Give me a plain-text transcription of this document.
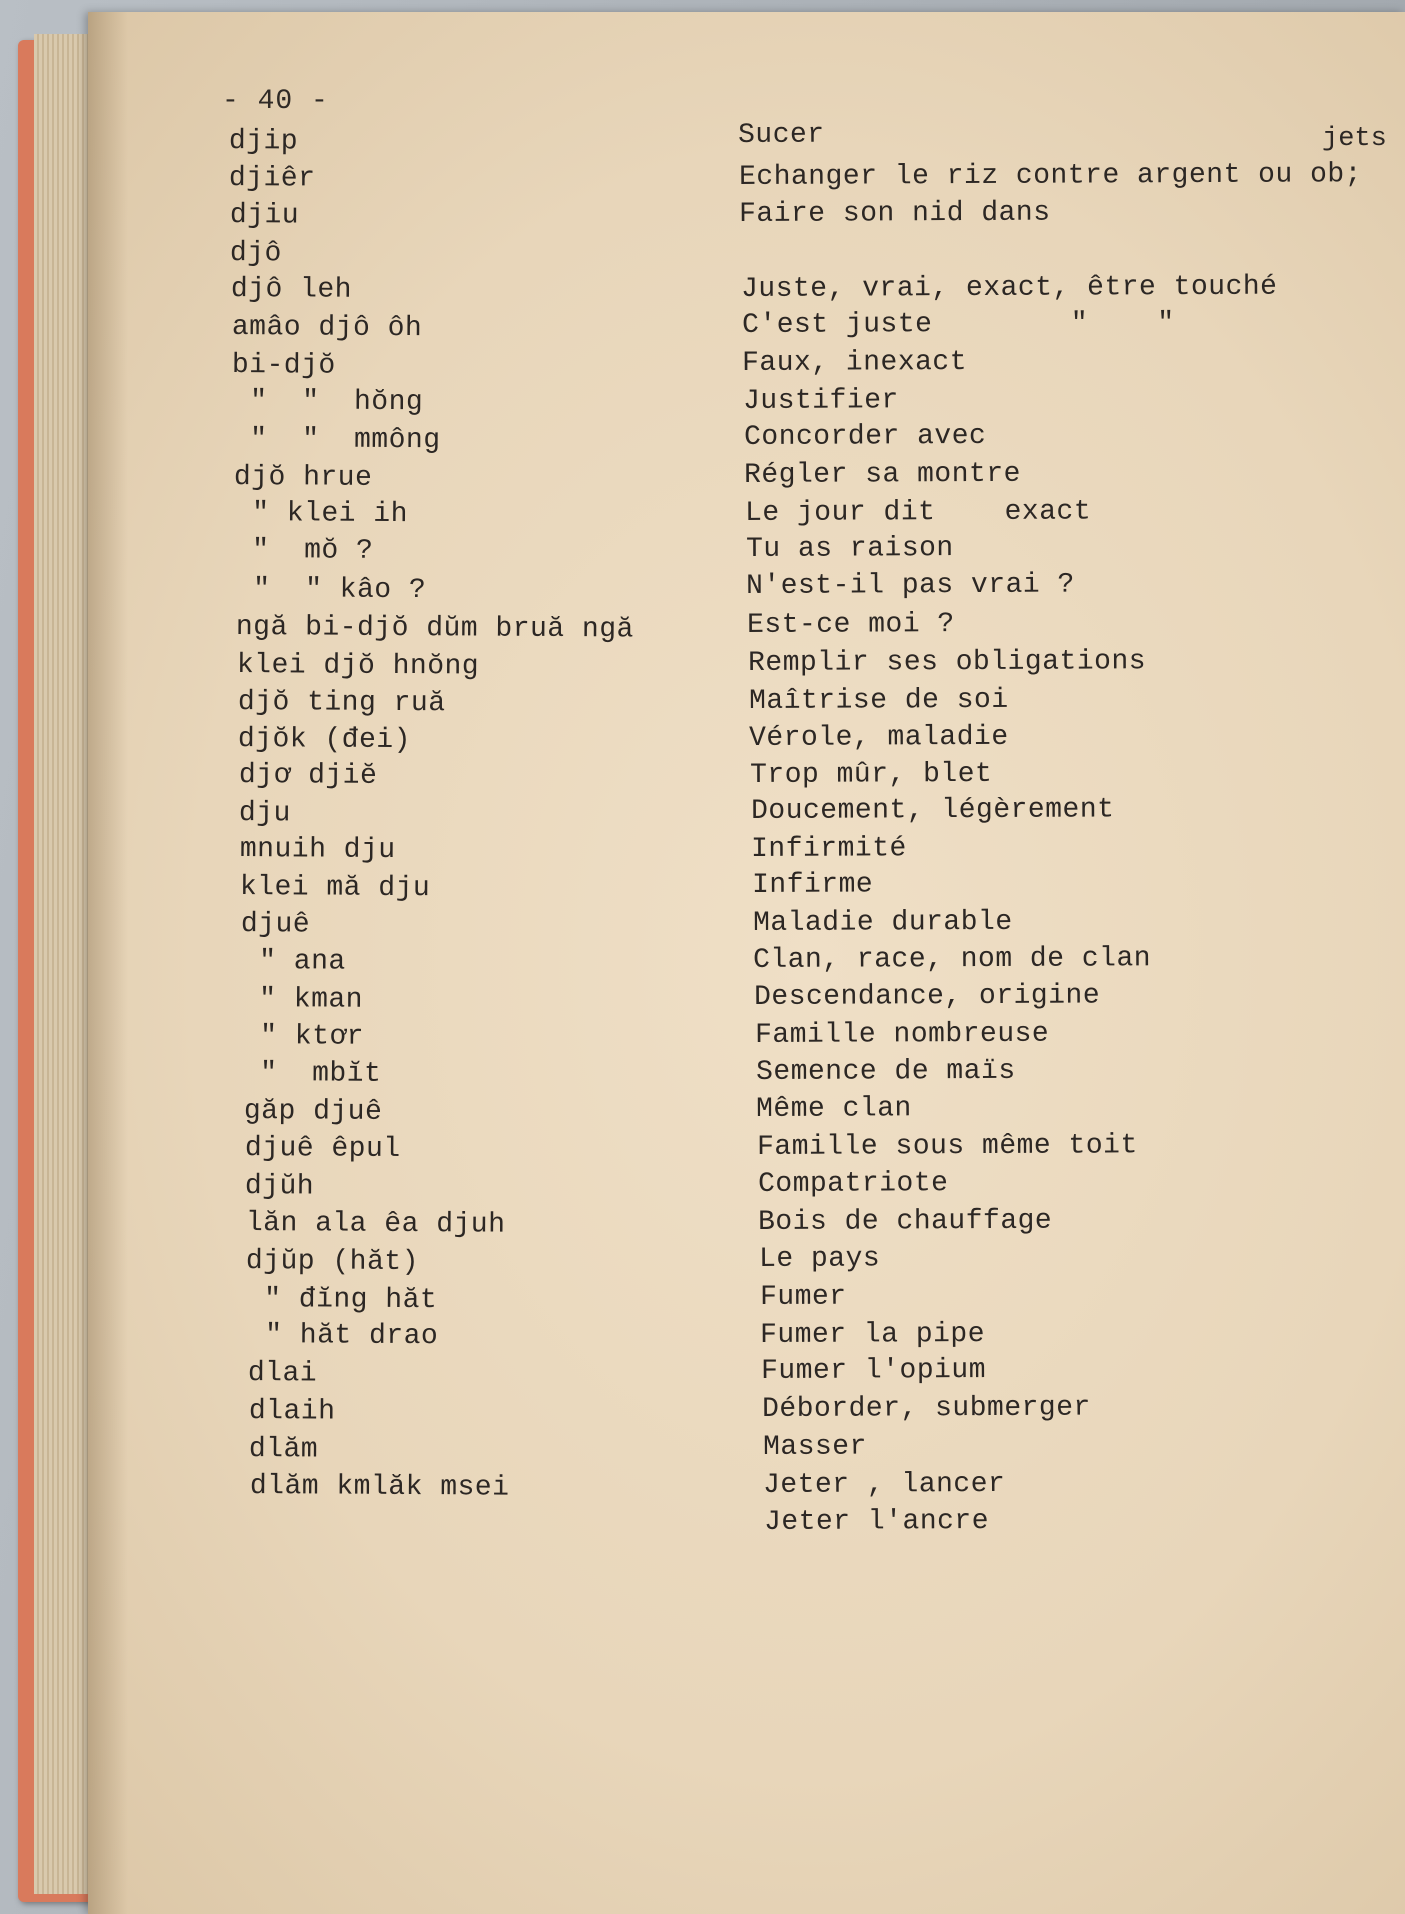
- 40 -
jets
Sucer
djip
Echanger le riz contre argent ou ob;
djiêr
Faire son nid dans
djiu
djô
Juste, vrai, exact, être touché
djô leh
C'est juste        "    "
amâo djô ôh
Faux, inexact
bi-djŏ
Justifier
"  "  hŏng
Concorder avec
"  "  mmông
Régler sa montre
djŏ hrue
Le jour dit    exact
" klei ih
Tu as raison
"  mŏ ?
N'est-il pas vrai ?
"  " kâo ?
Est-ce moi ?
ngă bi-djŏ dŭm bruă ngă
Remplir ses obligations
klei djŏ hnŏng
Maîtrise de soi
djŏ ting ruă
Vérole, maladie
djŏk (đei)
Trop mûr, blet
djơ djiĕ
Doucement, légèrement
dju
Infirmité
mnuih dju
Infirme
klei mă dju
Maladie durable
djuê
Clan, race, nom de clan
" ana
Descendance, origine
" kman
Famille nombreuse
" ktơr
Semence de maïs
"  mbĭt
Même clan
găp djuê
Famille sous même toit
djuê êpul
Compatriote
djŭh
Bois de chauffage
lăn ala êa djuh
Le pays
djŭp (hăt)
Fumer
" đĭng hăt
Fumer la pipe
" hăt drao
Fumer l'opium
dlai
Déborder, submerger
dlaih
Masser
dlăm
Jeter , lancer
dlăm kmlăk msei
Jeter l'ancre
